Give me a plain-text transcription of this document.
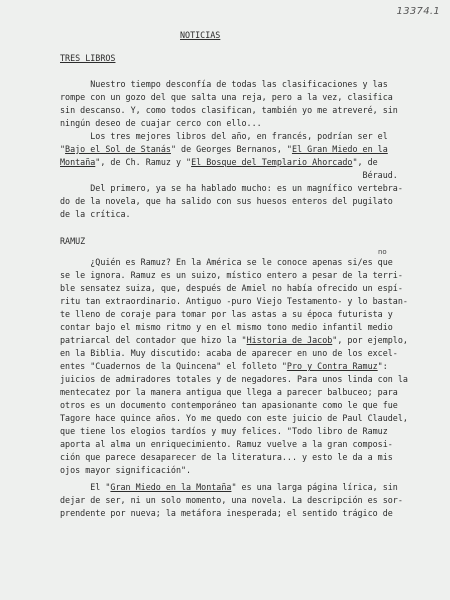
13374.1
NOTICIAS
TRES LIBROS
Nuestro tiempo desconfía de todas las clasificaciones y las
rompe con un gozo del que salta una reja, pero a la vez, clasifica
sin descanso. Y, como todos clasifican, también yo me atreveré, sin
ningún deseo de cuajar cerco con ello...
Los tres mejores libros del año, en francés, podrían ser el
"Bajo el Sol de Stanás" de Georges Bernanos, "El Gran Miedo en la
Montaña", de Ch. Ramuz y "El Bosque del Templario Ahorcado", de
Béraud.
Del primero, ya se ha hablado mucho: es un magnífico vertebra-
do de la novela, que ha salido con sus huesos enteros del pugilato
de la crítica.
RAMUZ
no
¿Quién es Ramuz? En la América se le conoce apenas si/es que
se le ignora. Ramuz es un suizo, místico entero a pesar de la terri-
ble sensatez suiza, que, después de Amiel no había ofrecido un espí-
ritu tan extraordinario. Antiguo -puro Viejo Testamento- y lo bastan-
te lleno de coraje para tomar por las astas a su época futurista y
contar bajo el mismo ritmo y en el mismo tono medio infantil medio
patriarcal del contador que hizo la "Historia de Jacob", por ejemplo,
en la Biblia. Muy discutido: acaba de aparecer en uno de los excel-
entes "Cuadernos de la Quincena" el folleto "Pro y Contra Ramuz":
juicios de admiradores totales y de negadores. Para unos linda con la
mentecatez por la manera antigua que llega a parecer balbuceo; para
otros es un documento contemporáneo tan apasionante como le que fue
Tagore hace quince años. Yo me quedo con este juicio de Paul Claudel,
que tiene los elogios tardíos y muy felices. "Todo libro de Ramuz
aporta al alma un enriquecimiento. Ramuz vuelve a la gran composi-
ción que parece desaparecer de la literatura... y esto le da a mis
ojos mayor significación".
El "Gran Miedo en la Montaña" es una larga página lírica, sin
dejar de ser, ni un solo momento, una novela. La descripción es sor-
prendente por nueva; la metáfora inesperada; el sentido trágico de
